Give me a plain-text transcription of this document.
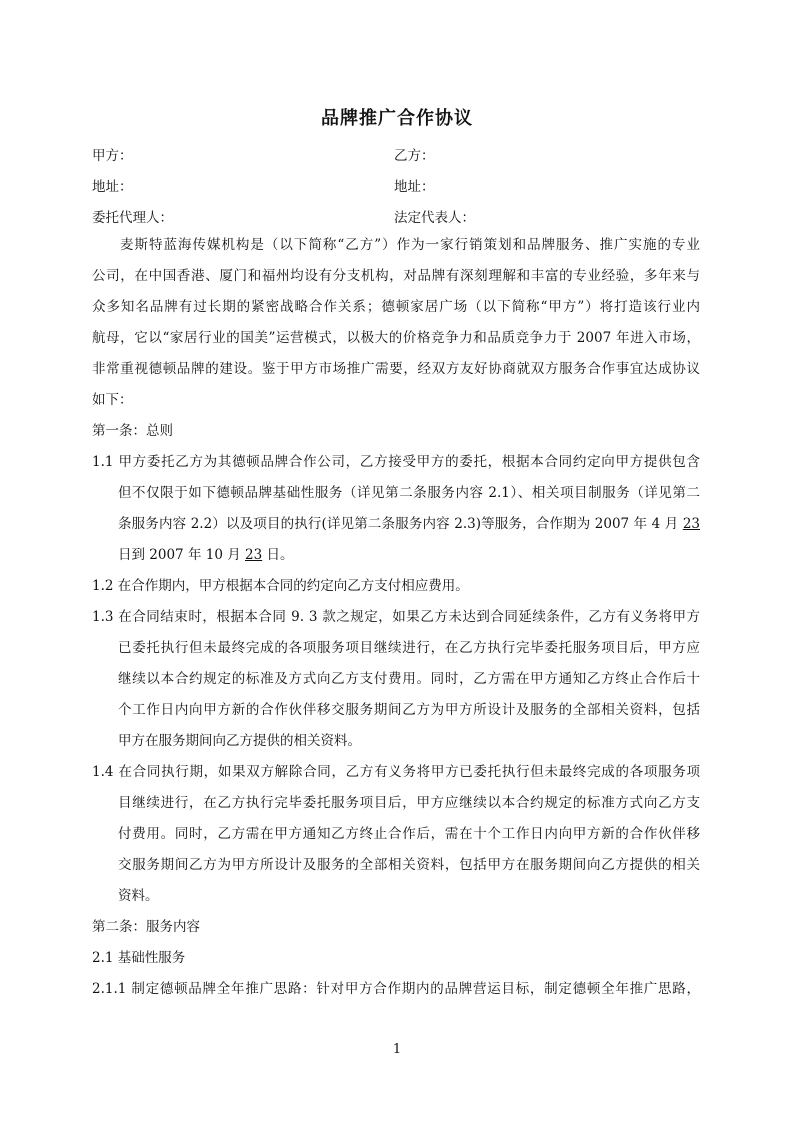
品牌推广合作协议
甲方：	乙方：
地址：	地址：
委托代理人：	法定代表人：
麦斯特蓝海传媒机构是（以下简称“乙方”）作为一家行销策划和品牌服务、推广实施的专业
公司，在中国香港、厦门和福州均设有分支机构，对品牌有深刻理解和丰富的专业经验，多年来与
众多知名品牌有过长期的紧密战略合作关系；德顿家居广场（以下简称“甲方”）将打造该行业内
航母，它以“家居行业的国美”运营模式，以极大的价格竞争力和品质竞争力于 2007 年进入市场，
非常重视德顿品牌的建设。鉴于甲方市场推广需要，经双方友好协商就双方服务合作事宜达成协议
如下：
第一条：总则
1.1 甲方委托乙方为其德顿品牌合作公司，乙方接受甲方的委托，根据本合同约定向甲方提供包含
但不仅限于如下德顿品牌基础性服务（详见第二条服务内容 2.1）、相关项目制服务（详见第二
条服务内容 2.2）以及项目的执行(详见第二条服务内容 2.3)等服务，合作期为 2007 年 4 月 23
日到 2007 年 10 月 23 日。
1.2 在合作期内，甲方根据本合同的约定向乙方支付相应费用。
1.3 在合同结束时，根据本合同 9. 3 款之规定，如果乙方未达到合同延续条件，乙方有义务将甲方
已委托执行但未最终完成的各项服务项目继续进行，在乙方执行完毕委托服务项目后，甲方应
继续以本合约规定的标准及方式向乙方支付费用。同时，乙方需在甲方通知乙方终止合作后十
个工作日内向甲方新的合作伙伴移交服务期间乙方为甲方所设计及服务的全部相关资料，包括
甲方在服务期间向乙方提供的相关资料。
1.4 在合同执行期，如果双方解除合同，乙方有义务将甲方已委托执行但未最终完成的各项服务项
目继续进行，在乙方执行完毕委托服务项目后，甲方应继续以本合约规定的标准方式向乙方支
付费用。同时，乙方需在甲方通知乙方终止合作后，需在十个工作日内向甲方新的合作伙伴移
交服务期间乙方为甲方所设计及服务的全部相关资料，包括甲方在服务期间向乙方提供的相关
资料。
第二条：服务内容
2.1 基础性服务
2.1.1 制定德顿品牌全年推广思路：针对甲方合作期内的品牌营运目标，制定德顿全年推广思路，
1
